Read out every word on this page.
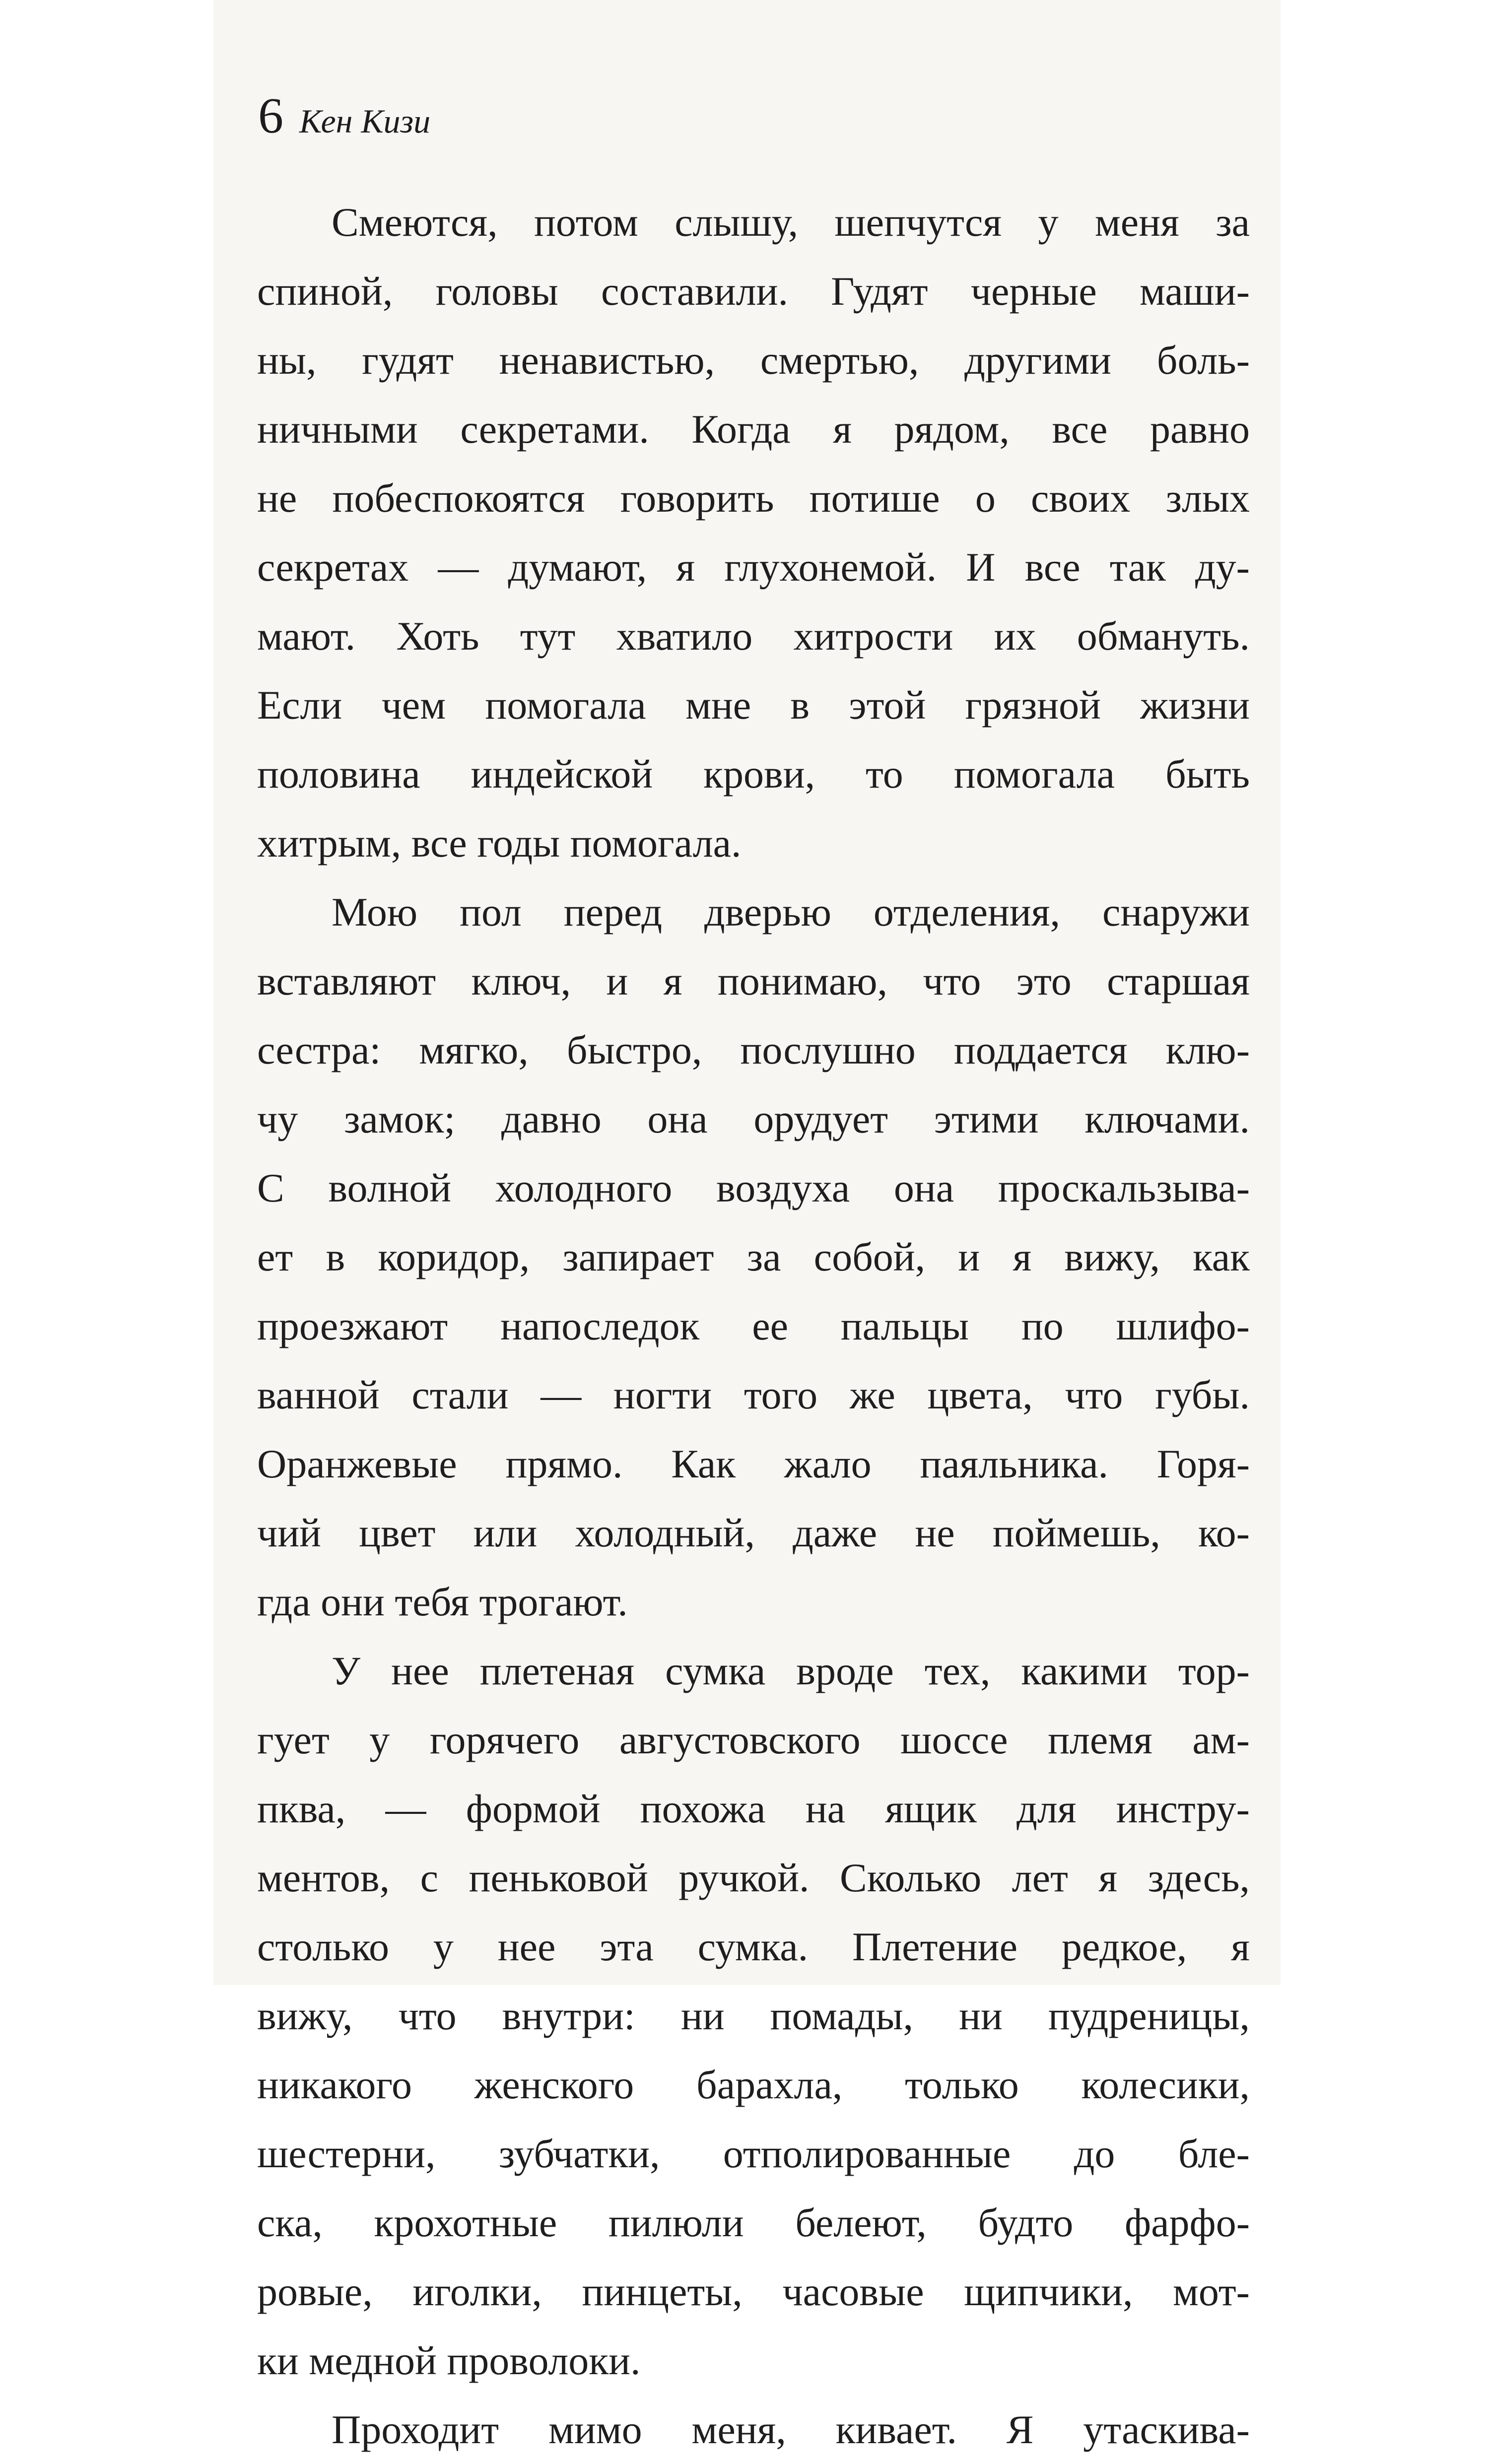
6 Кен Кизи
Смеются, потом слышу, шепчутся у меня за
спиной, головы составили. Гудят черные маши-
ны, гудят ненавистью, смертью, другими боль-
ничными секретами. Когда я рядом, все равно
не побеспокоятся говорить потише о своих злых
секретах — думают, я глухонемой. И все так ду-
мают. Хоть тут хватило хитрости их обмануть.
Если чем помогала мне в этой грязной жизни
половина индейской крови, то помогала быть
хитрым, все годы помогала.
Мою пол перед дверью отделения, снаружи
вставляют ключ, и я понимаю, что это старшая
сестра: мягко, быстро, послушно поддается клю-
чу замок; давно она орудует этими ключами.
С волной холодного воздуха она проскальзыва-
ет в коридор, запирает за собой, и я вижу, как
проезжают напоследок ее пальцы по шлифо-
ванной стали — ногти того же цвета, что губы.
Оранжевые прямо. Как жало паяльника. Горя-
чий цвет или холодный, даже не поймешь, ко-
гда они тебя трогают.
У нее плетеная сумка вроде тех, какими тор-
гует у горячего августовского шоссе племя ам-
пква, — формой похожа на ящик для инстру-
ментов, с пеньковой ручкой. Сколько лет я здесь,
столько у нее эта сумка. Плетение редкое, я
вижу, что внутри: ни помады, ни пудреницы,
никакого женского барахла, только колесики,
шестерни, зубчатки, отполированные до бле-
ска, крохотные пилюли белеют, будто фарфо-
ровые, иголки, пинцеты, часовые щипчики, мот-
ки медной проволоки.
Проходит мимо меня, кивает. Я утаскива-
